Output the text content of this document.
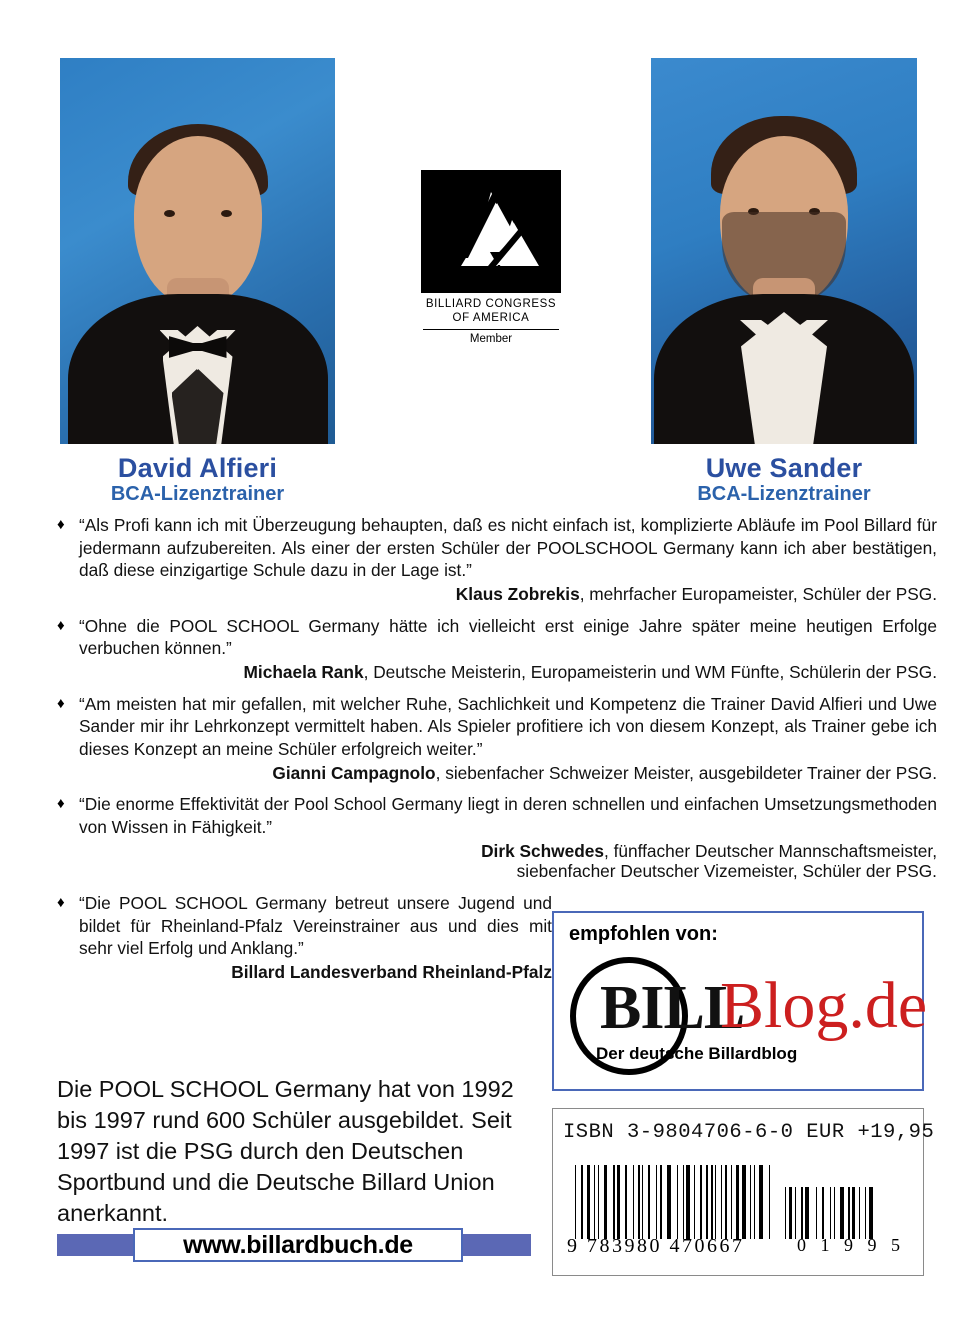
David Alfieri
BCA-Lizenztrainer
Uwe Sander
BCA-Lizenztrainer
BILLIARD CONGRESS
OF AMERICA
Member
♦ “Als Profi kann ich mit Überzeugung behaupten, daß es nicht einfach ist, komplizierte Abläufe im Pool Billard für jedermann aufzubereiten. Als einer der ersten Schüler der POOLSCHOOL Germany kann ich aber bestätigen, daß diese einzigartige Schule dazu in der Lage ist.”
Klaus Zobrekis, mehrfacher Europameister, Schüler der PSG.
♦ “Ohne die POOL SCHOOL Germany hätte ich vielleicht erst einige Jahre später meine heutigen Erfolge verbuchen können.”
Michaela Rank, Deutsche Meisterin, Europameisterin und WM Fünfte, Schülerin der PSG.
♦ “Am meisten hat mir gefallen, mit welcher Ruhe, Sachlichkeit und Kompetenz die Trainer David Alfieri und Uwe Sander mir ihr Lehrkonzept vermittelt haben. Als Spieler profitiere ich von diesem Konzept, als Trainer gebe ich dieses Konzept an meine Schüler erfolgreich weiter.”
Gianni Campagnolo, siebenfacher Schweizer Meister, ausgebildeter Trainer der PSG.
♦ “Die enorme Effektivität der Pool School Germany liegt in deren schnellen und einfachen Umsetzungsmethoden von Wissen in Fähigkeit.”
Dirk Schwedes, fünffacher Deutscher Mannschaftsmeister,
siebenfacher Deutscher Vizemeister, Schüler der PSG.
♦ “Die POOL SCHOOL Germany betreut unsere Jugend und bildet für Rheinland-Pfalz Vereinstrainer aus und dies mit sehr viel Erfolg und Anklang.”
Billard Landesverband Rheinland-Pfalz
empfohlen von:
BILL
Blog.de
Der deutsche Billardblog
Die POOL SCHOOL Germany hat von 1992 bis 1997 rund 600 Schüler ausgebildet. Seit 1997 ist die PSG durch den Deutschen Sportbund und die Deutsche Billard Union anerkannt.
www.billardbuch.de
ISBN 3-9804706-6-0 EUR +19,95
9 783980 470667	0 1 9 9 5
